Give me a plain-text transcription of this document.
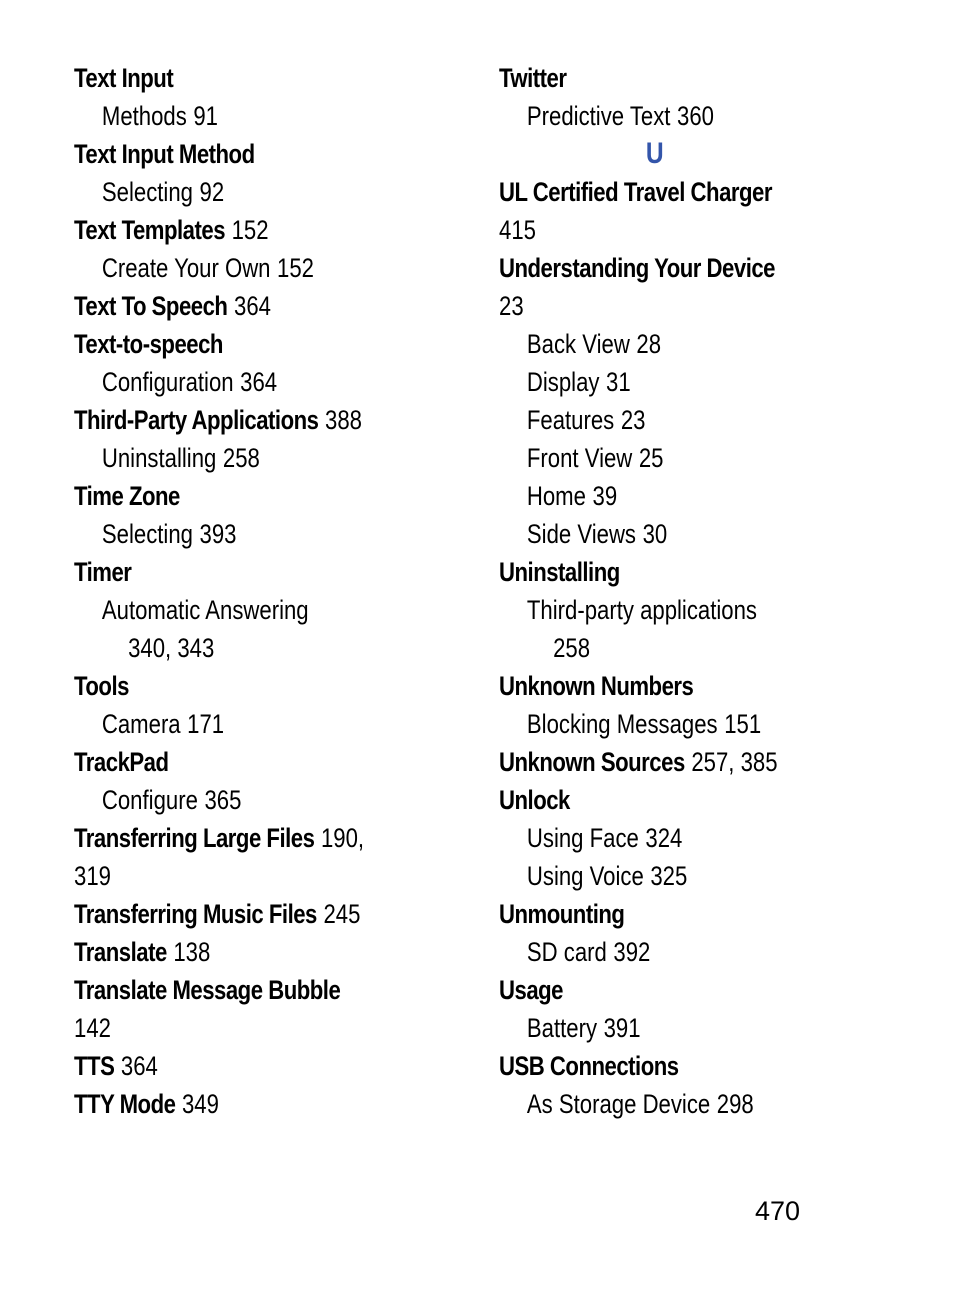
Text Input
Methods 91
Text Input Method
Selecting 92
Text Templates 152
Create Your Own 152
Text To Speech 364
Text-to-speech
Configuration 364
Third-Party Applications 388
Uninstalling 258
Time Zone
Selecting 393
Timer
Automatic Answering
340, 343
Tools
Camera 171
TrackPad
Configure 365
Transferring Large Files 190,
319
Transferring Music Files 245
Translate 138
Translate Message Bubble
142
TTS 364
TTY Mode 349
Twitter
Predictive Text 360
U
UL Certified Travel Charger
415
Understanding Your Device
23
Back View 28
Display 31
Features 23
Front View 25
Home 39
Side Views 30
Uninstalling
Third-party applications
258
Unknown Numbers
Blocking Messages 151
Unknown Sources 257, 385
Unlock
Using Face 324
Using Voice 325
Unmounting
SD card 392
Usage
Battery 391
USB Connections
As Storage Device 298
470
